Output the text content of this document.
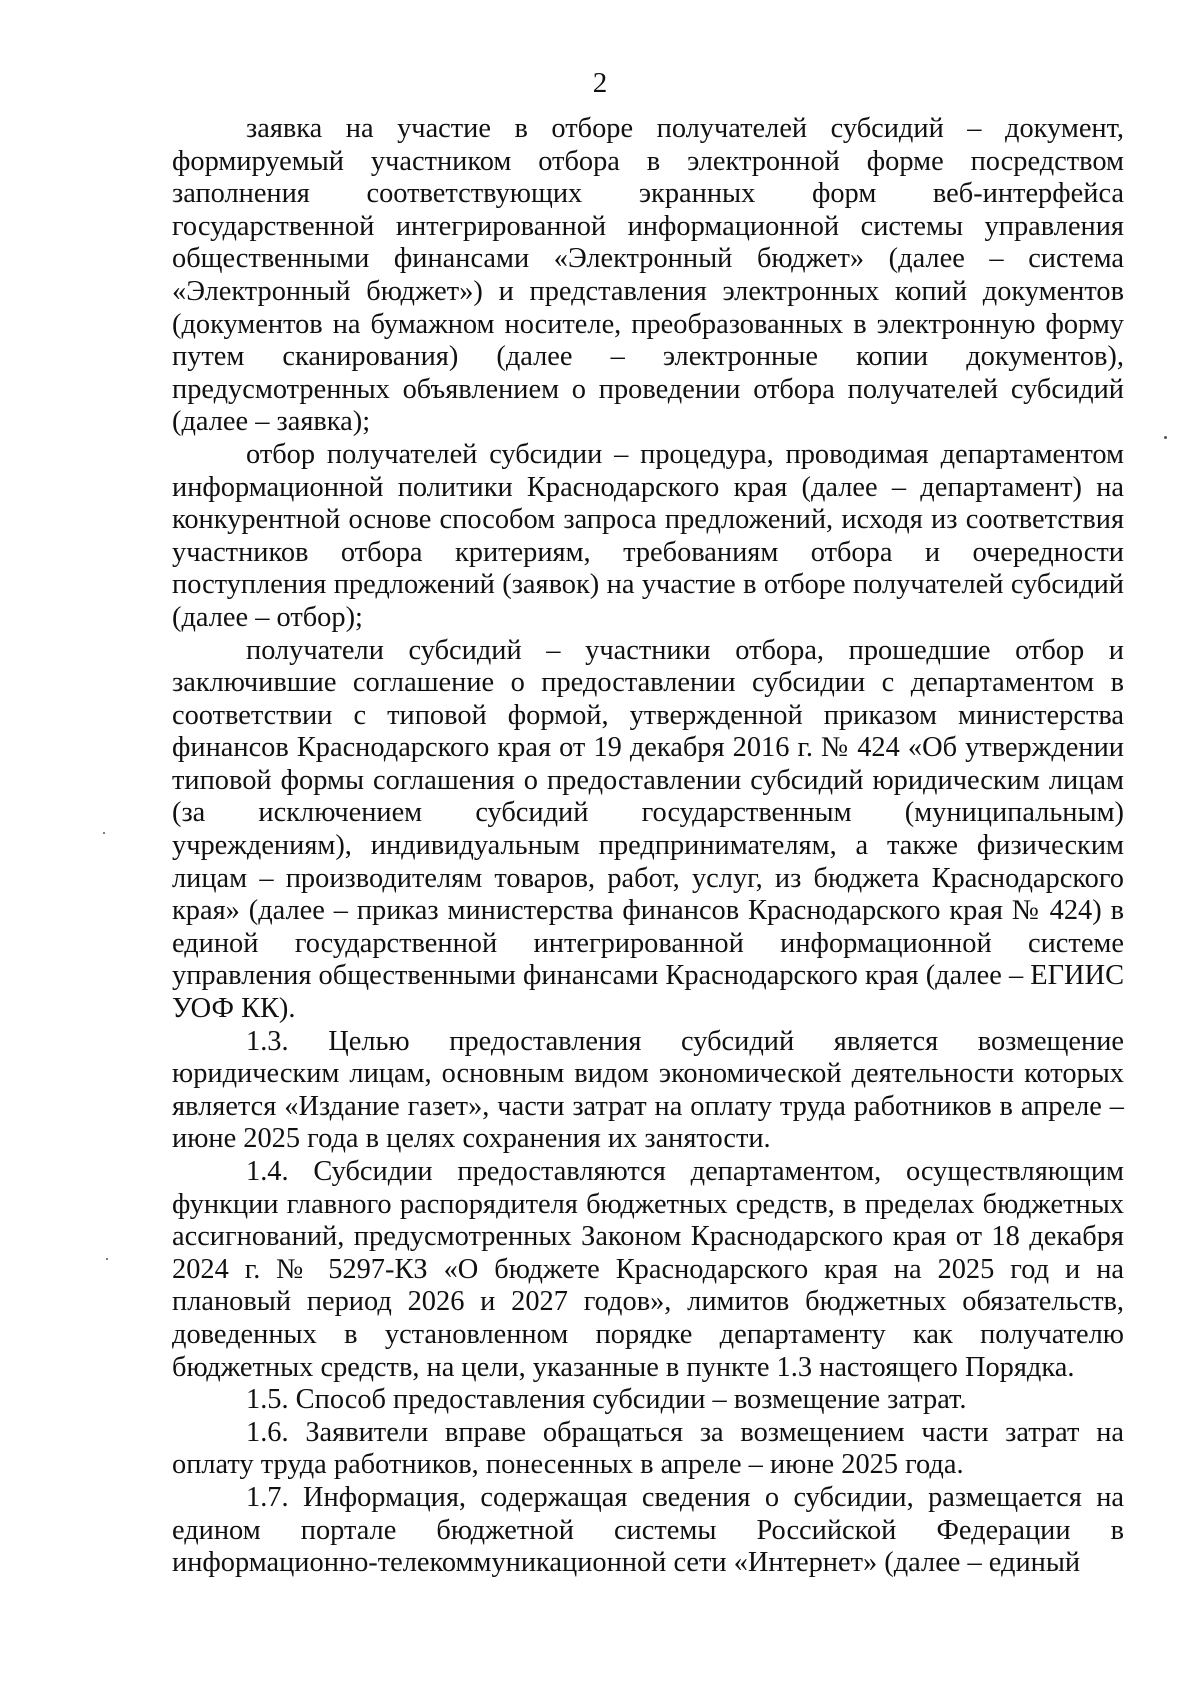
2

заявка на участие в отборе получателей субсидий – документ, формируемый участником отбора в электронной форме посредством заполнения соответствующих экранных форм веб-интерфейса государственной интегрированной информационной системы управления общественными финансами «Электронный бюджет» (далее – система «Электронный бюджет») и представления электронных копий документов (документов на бумажном носителе, преобразованных в электронную форму путем сканирования) (далее – электронные копии документов), предусмотренных объявлением о проведении отбора получателей субсидий (далее – заявка);

отбор получателей субсидии – процедура, проводимая департаментом информационной политики Краснодарского края (далее – департамент) на конкурентной основе способом запроса предложений, исходя из соответствия участников отбора критериям, требованиям отбора и очередности поступления предложений (заявок) на участие в отборе получателей субсидий (далее – отбор);

получатели субсидий – участники отбора, прошедшие отбор и заключившие соглашение о предоставлении субсидии с департаментом в соответствии с типовой формой, утвержденной приказом министерства финансов Краснодарского края от 19 декабря 2016 г. № 424 «Об утверждении типовой формы соглашения о предоставлении субсидий юридическим лицам (за исключением субсидий государственным (муниципальным) учреждениям), индивидуальным предпринимателям, а также физическим лицам – производителям товаров, работ, услуг, из бюджета Краснодарского края» (далее – приказ министерства финансов Краснодарского края № 424) в единой государственной интегрированной информационной системе управления общественными финансами Краснодарского края (далее – ЕГИИС УОФ КК).

1.3. Целью предоставления субсидий является возмещение юридическим лицам, основным видом экономической деятельности которых является «Издание газет», части затрат на оплату труда работников в апреле – июне 2025 года в целях сохранения их занятости.

1.4. Субсидии предоставляются департаментом, осуществляющим функции главного распорядителя бюджетных средств, в пределах бюджетных ассигнований, предусмотренных Законом Краснодарского края от 18 декабря 2024 г. № 5297-КЗ «О бюджете Краснодарского края на 2025 год и на плановый период 2026 и 2027 годов», лимитов бюджетных обязательств, доведенных в установленном порядке департаменту как получателю бюджетных средств, на цели, указанные в пункте 1.3 настоящего Порядка.

1.5. Способ предоставления субсидии – возмещение затрат.

1.6. Заявители вправе обращаться за возмещением части затрат на оплату труда работников, понесенных в апреле – июне 2025 года.

1.7. Информация, содержащая сведения о субсидии, размещается на едином портале бюджетной системы Российской Федерации в информационно-телекоммуникационной сети «Интернет» (далее – единый
